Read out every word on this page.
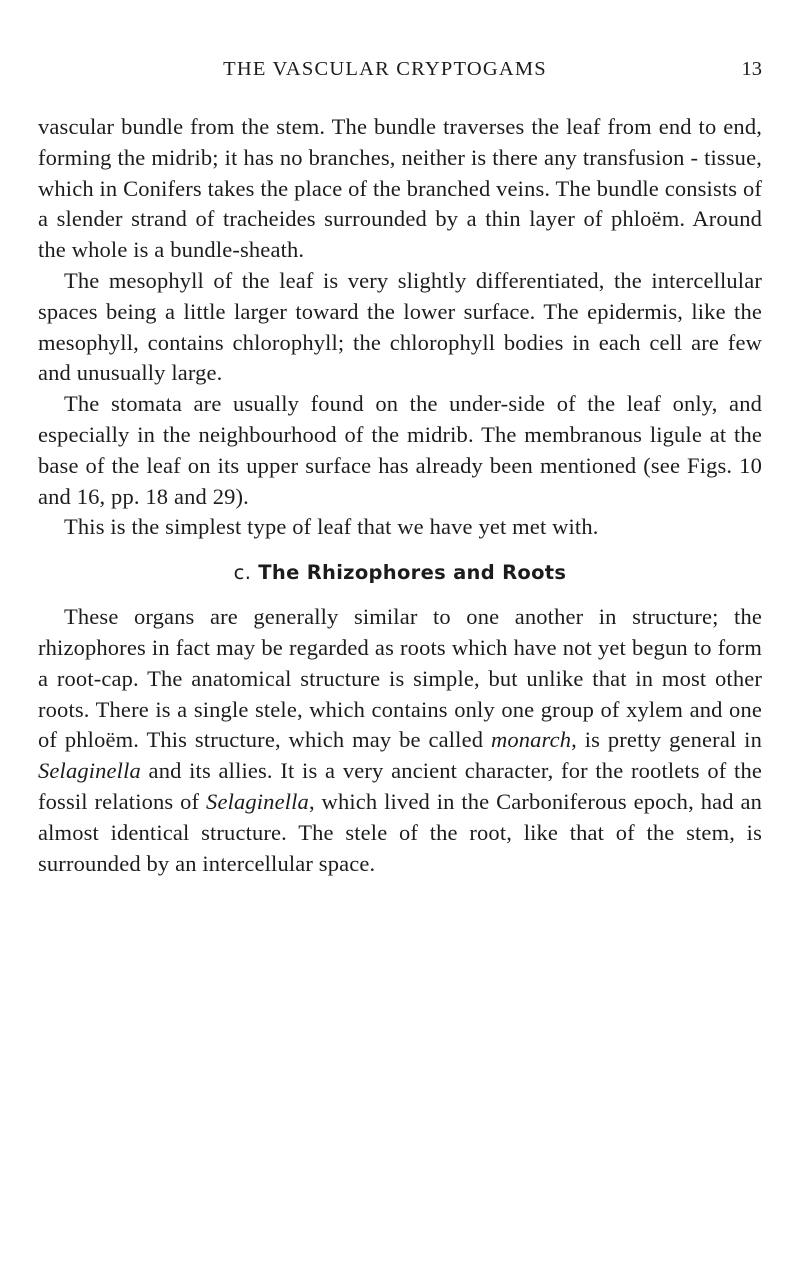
THE VASCULAR CRYPTOGAMS	13

vascular bundle from the stem. The bundle traverses the leaf from end to end, forming the midrib; it has no branches, neither is there any transfusion - tissue, which in Conifers takes the place of the branched veins. The bundle consists of a slender strand of tracheides surrounded by a thin layer of phloëm. Around the whole is a bundle-sheath.

The mesophyll of the leaf is very slightly differentiated, the intercellular spaces being a little larger toward the lower surface. The epidermis, like the mesophyll, contains chlorophyll; the chlorophyll bodies in each cell are few and unusually large.

The stomata are usually found on the under-side of the leaf only, and especially in the neighbourhood of the midrib. The membranous ligule at the base of the leaf on its upper surface has already been mentioned (see Figs. 10 and 16, pp. 18 and 29).

This is the simplest type of leaf that we have yet met with.

c. The Rhizophores and Roots

These organs are generally similar to one another in structure; the rhizophores in fact may be regarded as roots which have not yet begun to form a root-cap. The anatomical structure is simple, but unlike that in most other roots. There is a single stele, which contains only one group of xylem and one of phloëm. This structure, which may be called monarch, is pretty general in Selaginella and its allies. It is a very ancient character, for the rootlets of the fossil relations of Selaginella, which lived in the Carboniferous epoch, had an almost identical structure. The stele of the root, like that of the stem, is surrounded by an intercellular space.
